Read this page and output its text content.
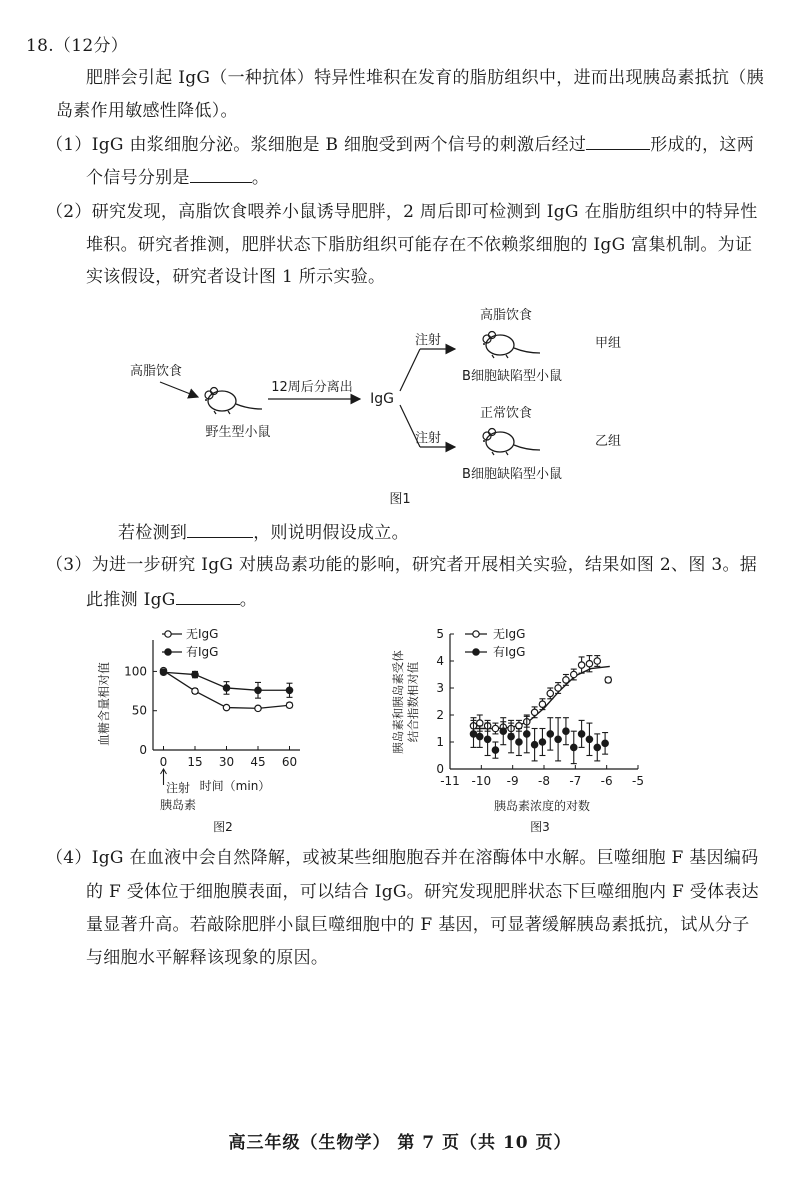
18.（12分）
肥胖会引起 IgG（一种抗体）特异性堆积在发育的脂肪组织中，进而出现胰岛素抵抗（胰
岛素作用敏感性降低）。
（1）IgG 由浆细胞分泌。浆细胞是 B 细胞受到两个信号的刺激后经过	形成的，这两
个信号分别是	。
（2）研究发现，高脂饮食喂养小鼠诱导肥胖，2 周后即可检测到 IgG 在脂肪组织中的特异性
堆积。研究者推测，肥胖状态下脂肪组织可能存在不依赖浆细胞的 IgG 富集机制。为证
实该假设，研究者设计图 1 所示实验。
高脂饮食
野生型小鼠
12周后分离出
IgG
注射
注射
高脂饮食
B细胞缺陷型小鼠
甲组
正常饮食
B细胞缺陷型小鼠
乙组
图1
若检测到	，则说明假设成立。
（3）为进一步研究 IgG 对胰岛素功能的影响，研究者开展相关实验，结果如图 2、图 3。据
此推测 IgG	。
0
50
100
0 15 30 45 60
无IgG
有IgG
血糖含量相对值
时间（min）
注射
胰岛素
图2
0
1
2
3
4
5
-11 -10 -9 -8 -7 -6 -5
无IgG
有IgG
胰岛素和胰岛素受体 结合指数相对值
胰岛素浓度的对数
图3
（4）IgG 在血液中会自然降解，或被某些细胞胞吞并在溶酶体中水解。巨噬细胞 F 基因编码
的 F 受体位于细胞膜表面，可以结合 IgG。研究发现肥胖状态下巨噬细胞内 F 受体表达
量显著升高。若敲除肥胖小鼠巨噬细胞中的 F 基因，可显著缓解胰岛素抵抗，试从分子
与细胞水平解释该现象的原因。
高三年级（生物学） 第 7 页（共 10 页）
